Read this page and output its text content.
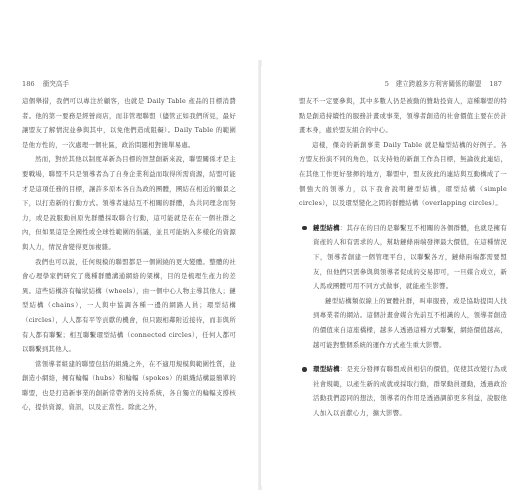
186 衝突高手

這個舉措，我們可以專注於顧客，也就是 Daily Table 產品的目標消費者。他的第一要務是經營商店，而非管理聯盟（儘管正如我們所見，最好讓盟友了解情況並參與其中，以免他們造成阻礙）。Daily Table 的範圍是他方性的，一次處理一個社區，政治問題相對簡單易處。

然而，對於其他以制度革新為目標的智慧創新來說，聯盟關係才是主要戰場，聯盟不只是領導者為了自身企業利益而取得所需資源，結盟可能才是這項任務的目標，讓許多原本各自為政的團體，團結在相近的願景之下，以打造新的行動方式。領導者連結互不相關的群體，為共同理念而努力，或是說服動員原先群體採取聯合行動，這可能就是在在一個社群之內，但如果這是全國性或全球性範圍的倡議，並且可能納入多樣化的資源與人力，情況會變得更加複雜。

我們也可以說，任何規模的聯盟都是一個圍繞的更大變體。整體的社會心理學家們研究了幾種群體溝通網絡的架構，目的是梳理生產力的差異。這些結構許有輪狀結構（wheels），由一個中心人物主導其他人；鏈型結構（chains），一人與中協調各種一邊的網路人員；環型結構（circles），人人都有平等貢獻的機會，但只跟相鄰附近接待，而非與所有人都有聯繫；相互聯繫環型結構（connected circles），任何人都可以聯繫到其他人。

當領導者組建的聯盟包括的組織之外，在不適用規模與範圍性質，並創造小網絡，擁有輪輻（hubs）和輪輻（spokes）的組織結構最簡單的聯盟，也是打造新事業的創新常帶著的支持系統，各自獨立的輪輻支撐核心，提供資源，資訊，以及正當性。除此之外，

5　建立跨越多方利害關係的聯盟 187

盟友不一定要參與，其中多數人仍是被動的贊助投資人，這種聯盟的特點是創造持續性的服務計畫或事業，領導者創造的社會價值主要在於計畫本身，處於盟友組合的中心。

這樣，傑奇的新創事業 Daily Table 就是輪型結構的好例子。各方盟友扮演不同的角色，以支持他的新創工作為目標，無論彼此連結，在其他工作更好發揮的地方，聯盟中，盟友彼此的連結與互動構成了一個強大的領導力，以下我會說明鏈型結構，環型結構（simple circles），以及環型變化之間的群體結構（overlapping circles）。

鏈型結構：其存在的目的是聯繫互不相關的各個群體，也就是擁有資產的人和有需求的人，幫助鏈條兩端發揮最大價值，在這種情況下，領導者創建一個管理平台，以聯繫各方，鏈條兩端都需要盟友，但他們只需參與與領導者促成的交易即可，一旦媒合成立，新人馬或團體可用不同方式做事，就能產生影響。
鏈型結構類似線上的實體社群，叫車服務，或是協助提問人找到專業者的網站。這個計畫會媒合先前互不相識的人，領導者創造的價值來自這座橋樑，越多人透過這種方式聯繫，網絡價值越高，越可能對整個系統的運作方式產生重大影響。
環型結構：是充分發揮有聯盟成員相信的價值，促使其改變行為或社會規範，以產生新的成就或採取行動，群眾動員運動，透過政治活動我們認同的想法，領導者的作用是透過調節更多利益，說服他人加入以貢獻心力，擴大影響。
